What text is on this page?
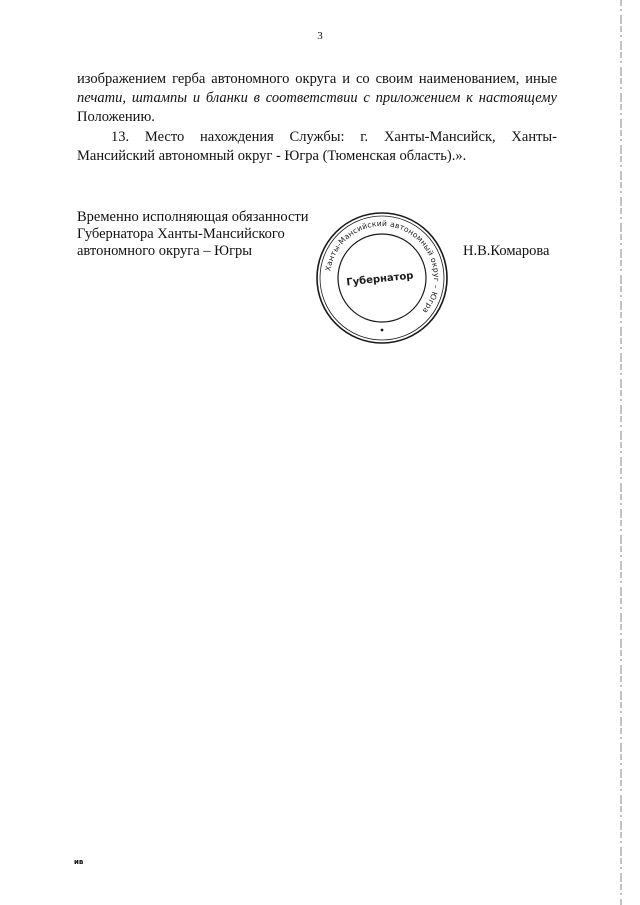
3
изображением герба автономного округа и со своим наименованием, иные
печати, штампы и бланки в соответствии с приложением к настоящему
Положению.
13. Место нахождения Службы: г. Ханты-Мансийск, Ханты-
Мансийский автономный округ - Югра (Тюменская область).».
Временно исполняющая обязанности
Губернатора Ханты-Мансийского
автономного округа – Югры
Ханты-Мансийский автономный округ – Югра
Губернатор
Н.В.Комарова
ив
